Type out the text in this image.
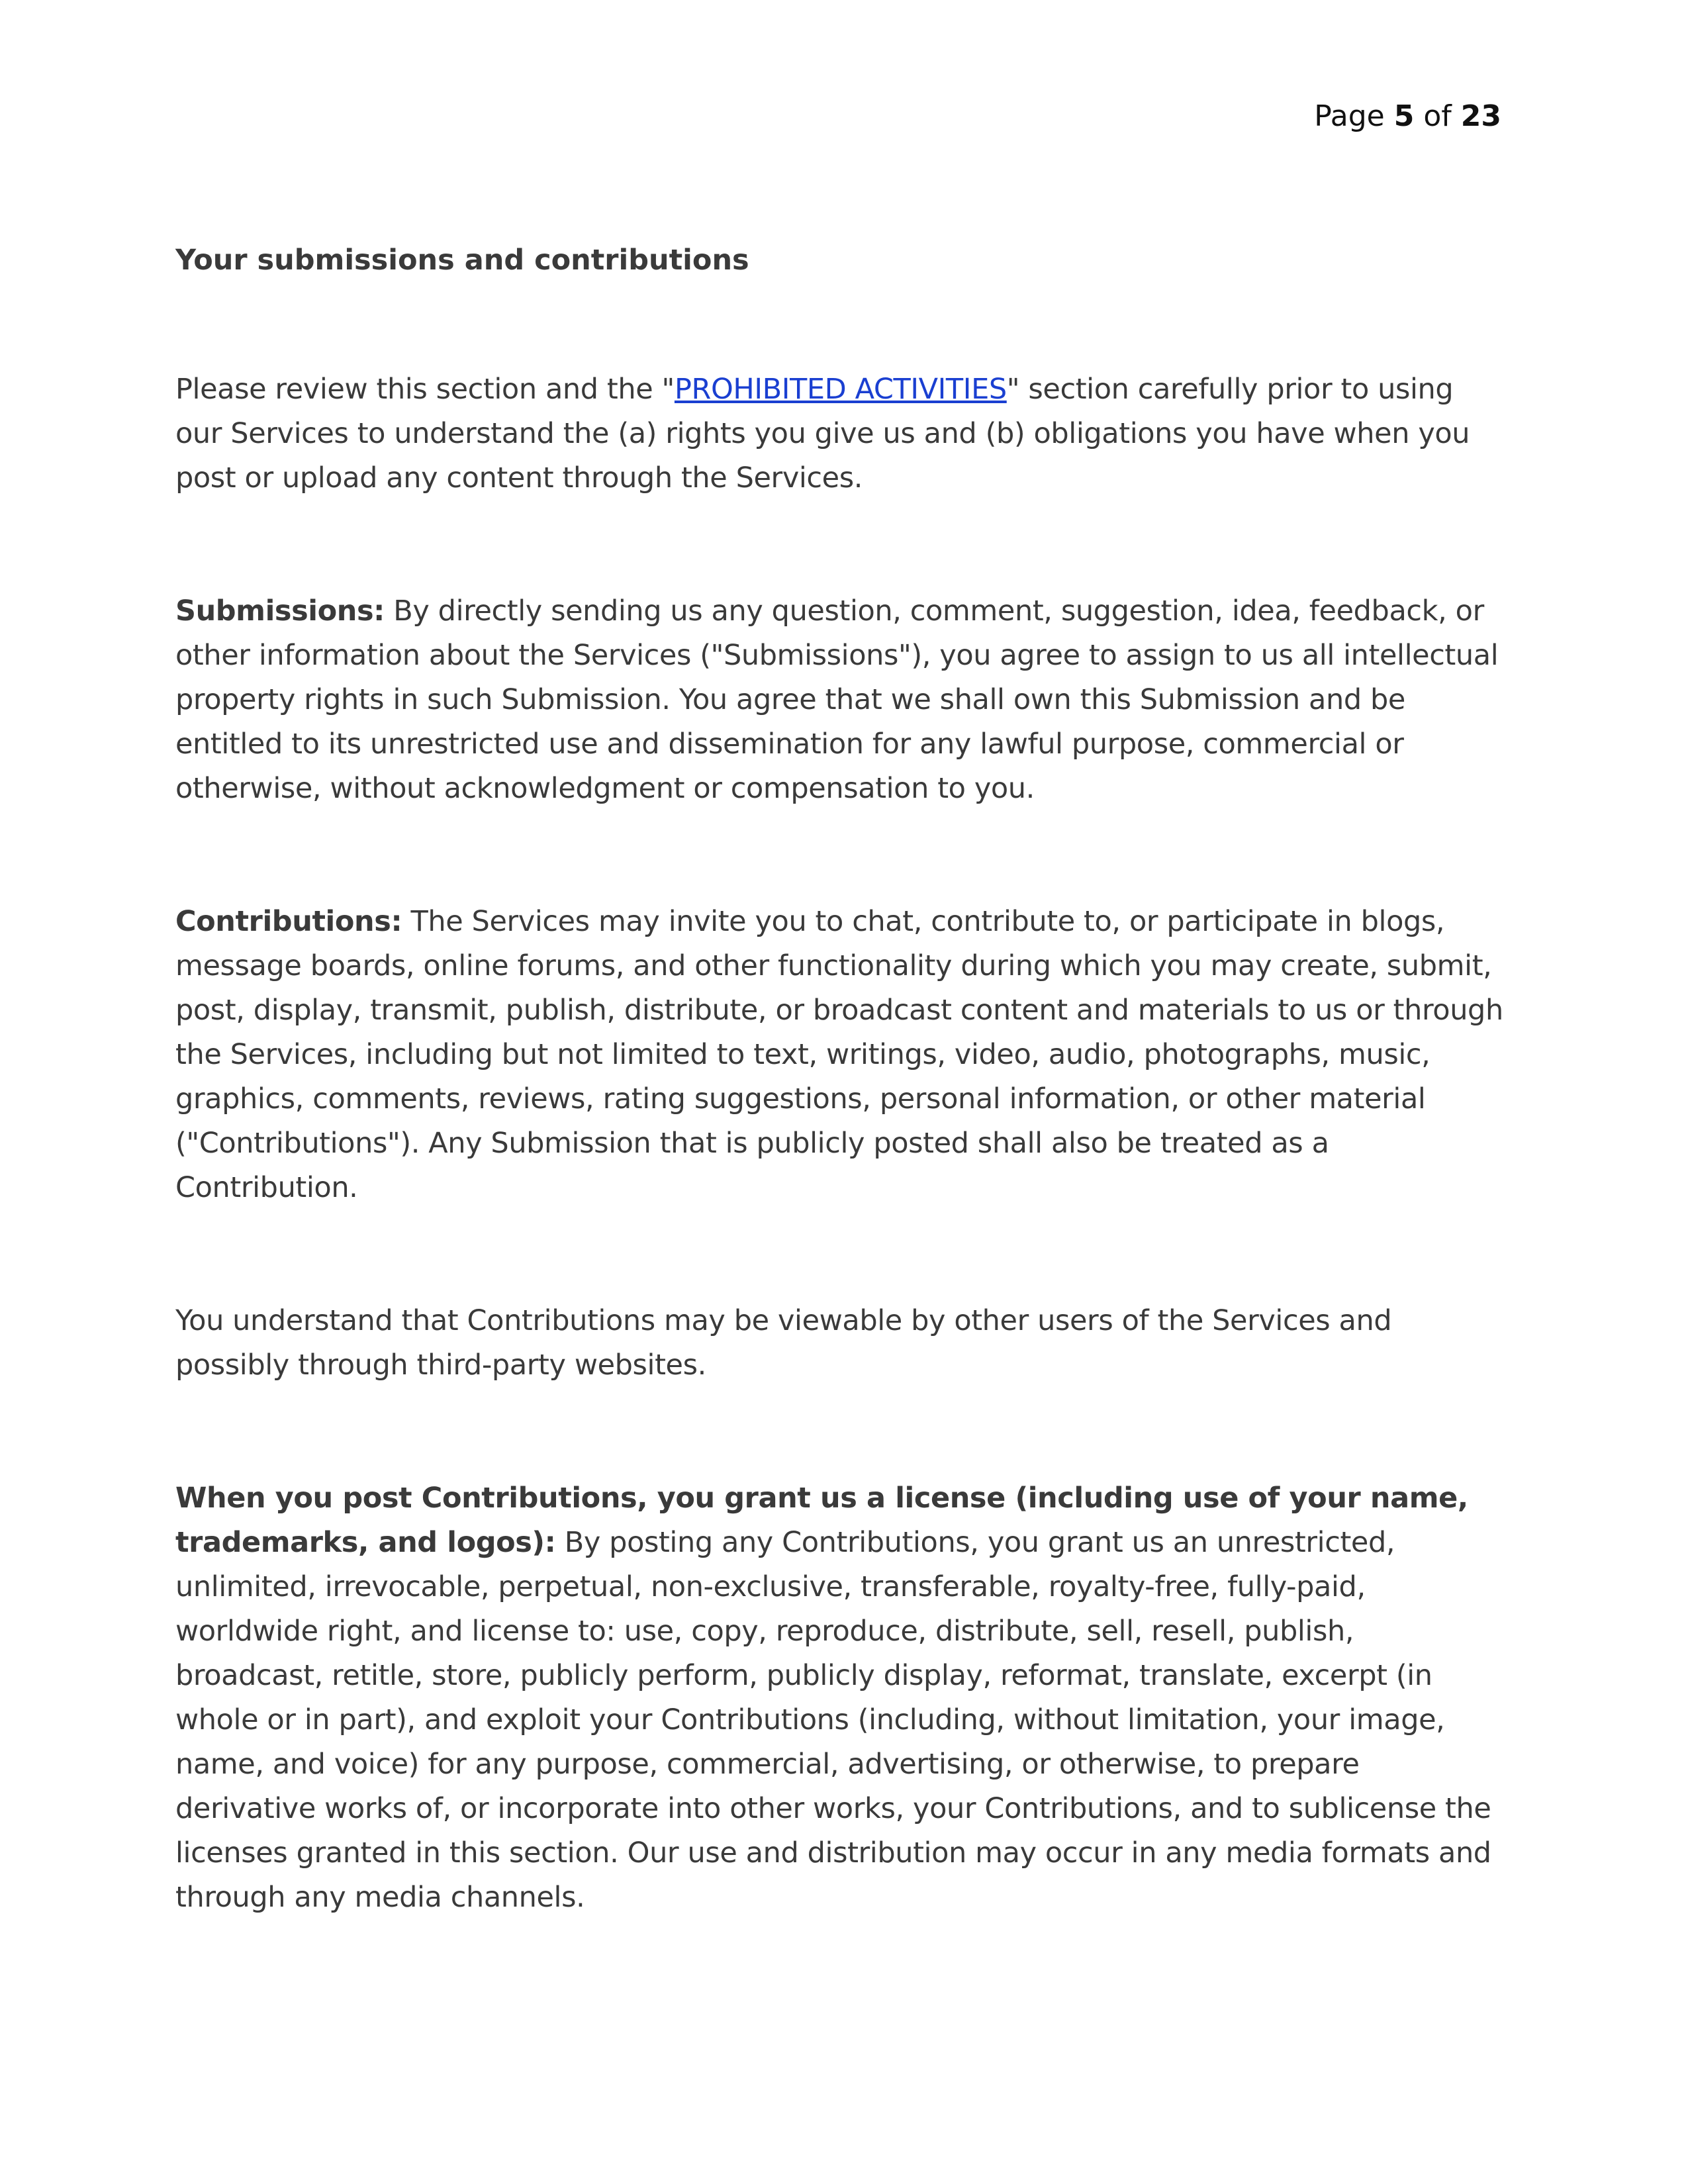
Page 5 of 23
Your submissions and contributions

Please review this section and the "PROHIBITED ACTIVITIES" section carefully prior to using our Services to understand the (a) rights you give us and (b) obligations you have when you post or upload any content through the Services.

Submissions: By directly sending us any question, comment, suggestion, idea, feedback, or other information about the Services ("Submissions"), you agree to assign to us all intellectual property rights in such Submission. You agree that we shall own this Submission and be entitled to its unrestricted use and dissemination for any lawful purpose, commercial or otherwise, without acknowledgment or compensation to you.

Contributions: The Services may invite you to chat, contribute to, or participate in blogs, message boards, online forums, and other functionality during which you may create, submit, post, display, transmit, publish, distribute, or broadcast content and materials to us or through the Services, including but not limited to text, writings, video, audio, photographs, music, graphics, comments, reviews, rating suggestions, personal information, or other material ("Contributions"). Any Submission that is publicly posted shall also be treated as a Contribution.

You understand that Contributions may be viewable by other users of the Services and possibly through third-party websites.

When you post Contributions, you grant us a license (including use of your name, trademarks, and logos): By posting any Contributions, you grant us an unrestricted, unlimited, irrevocable, perpetual, non-exclusive, transferable, royalty-free, fully-paid, worldwide right, and license to: use, copy, reproduce, distribute, sell, resell, publish, broadcast, retitle, store, publicly perform, publicly display, reformat, translate, excerpt (in whole or in part), and exploit your Contributions (including, without limitation, your image, name, and voice) for any purpose, commercial, advertising, or otherwise, to prepare derivative works of, or incorporate into other works, your Contributions, and to sublicense the licenses granted in this section. Our use and distribution may occur in any media formats and through any media channels.
